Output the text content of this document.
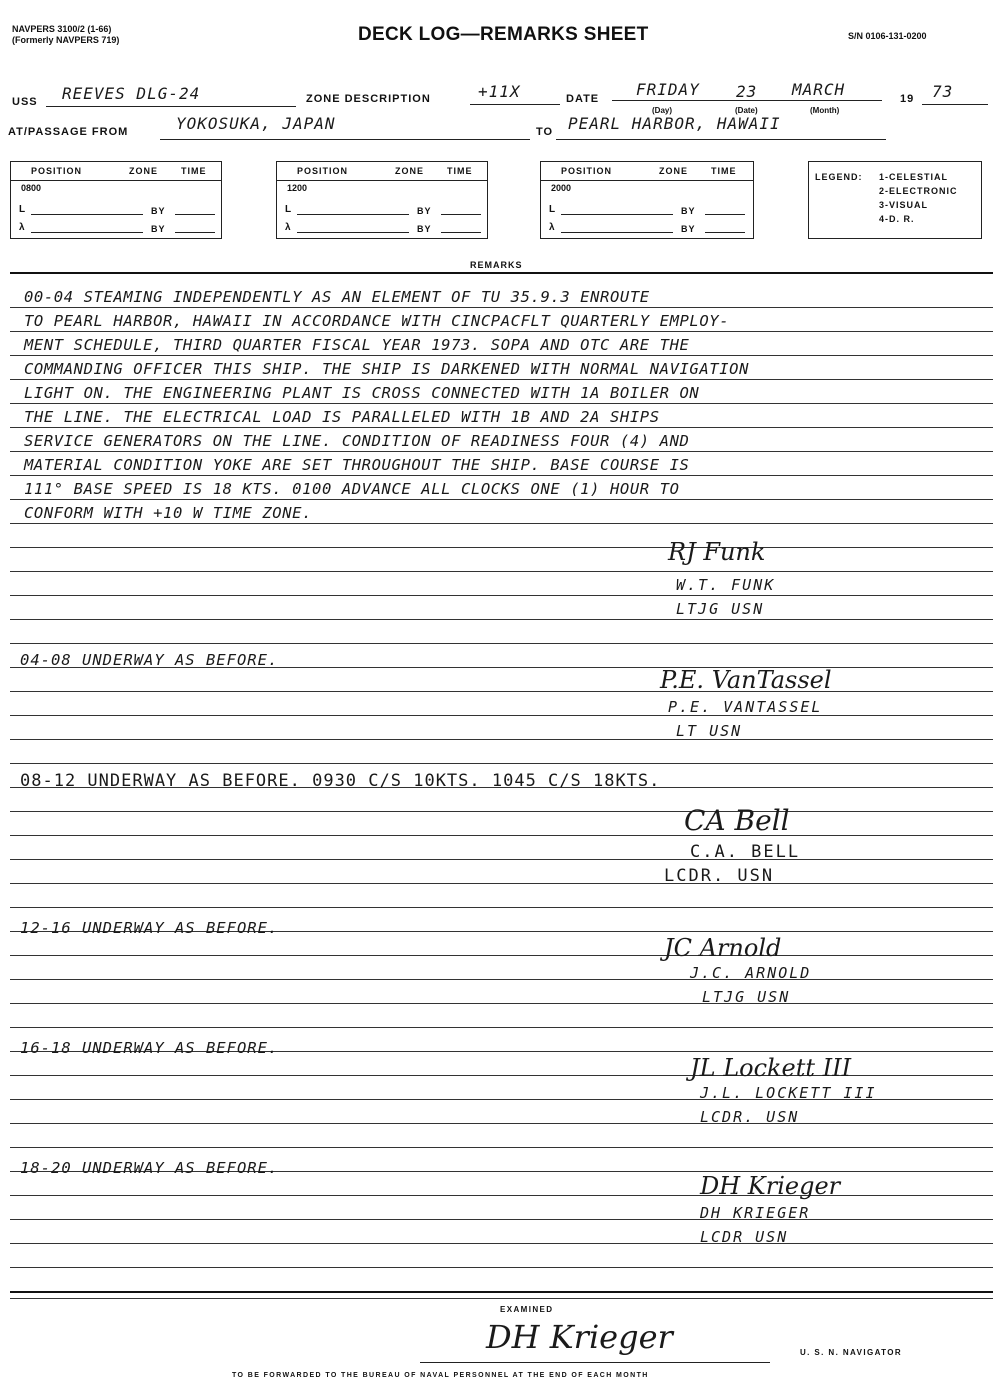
NAVPERS 3100/2 (1-66)
(Formerly NAVPERS 719)	DECK LOG—REMARKS SHEET	S/N 0106-131-0200
USS REEVES DLG-24	ZONE DESCRIPTION	+11X	DATE FRIDAY 23 MARCH	19 73
(Day)	(Date)	(Month)
AT/PASSAGE FROM	YOKOSUKA, JAPAN	TO PEARL HARBOR, HAWAII
POSITION	ZONE	TIME
0800
L	BY
λ	BY
POSITION	ZONE	TIME
1200
L	BY
λ	BY
POSITION	ZONE	TIME
2000
L	BY
λ	BY
LEGEND: 1-CELESTIAL
2-ELECTRONIC
3-VISUAL
4-D. R.
REMARKS
00-04 STEAMING INDEPENDENTLY AS AN ELEMENT OF TU 35.9.3 ENROUTE
TO PEARL HARBOR, HAWAII IN ACCORDANCE WITH CINCPACFLT QUARTERLY EMPLOY-
MENT SCHEDULE, THIRD QUARTER FISCAL YEAR 1973. SOPA AND OTC ARE THE
COMMANDING OFFICER THIS SHIP. THE SHIP IS DARKENED WITH NORMAL NAVIGATION
LIGHT ON. THE ENGINEERING PLANT IS CROSS CONNECTED WITH 1A BOILER ON
THE LINE. THE ELECTRICAL LOAD IS PARALLELED WITH 1B AND 2A SHIPS
SERVICE GENERATORS ON THE LINE. CONDITION OF READINESS FOUR (4) AND
MATERIAL CONDITION YOKE ARE SET THROUGHOUT THE SHIP. BASE COURSE IS
111° BASE SPEED IS 18 KTS. 0100 ADVANCE ALL CLOCKS ONE (1) HOUR TO
CONFORM WITH +10 W TIME ZONE.
RJ Funk
W.T. FUNK
LTJG USN
04-08 UNDERWAY AS BEFORE.
P.E. VanTassel
P.E. VANTASSEL
LT USN
08-12 UNDERWAY AS BEFORE. 0930 C/S 10KTS. 1045 C/S 18KTS.
CA Bell
C.A. BELL
LCDR. USN
12-16 UNDERWAY AS BEFORE.
JC Arnold
J.C. ARNOLD
LTJG USN
16-18 UNDERWAY AS BEFORE.
JL Lockett III
J.L. LOCKETT III
LCDR. USN
18-20 UNDERWAY AS BEFORE.
DH Krieger
DH KRIEGER
LCDR USN
EXAMINED
DH Krieger	U. S. N. NAVIGATOR
TO BE FORWARDED TO THE BUREAU OF NAVAL PERSONNEL AT THE END OF EACH MONTH
